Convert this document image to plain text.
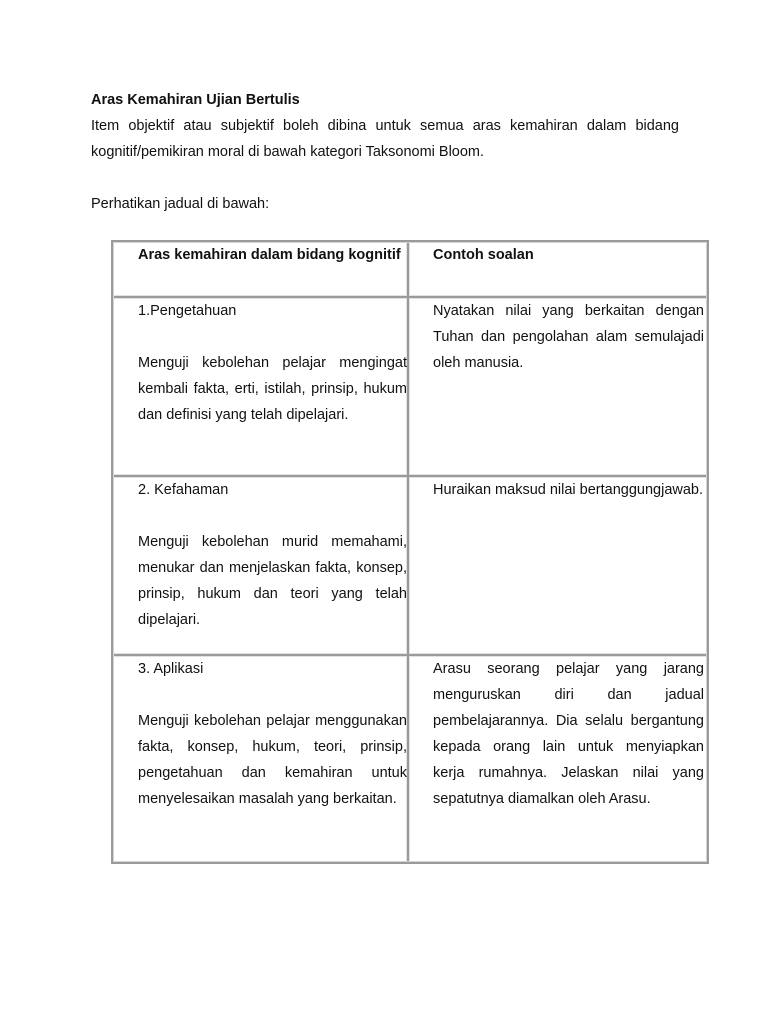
Aras Kemahiran Ujian Bertulis

Item objektif atau subjektif boleh dibina untuk semua aras kemahiran dalam bidang kognitif/pemikiran moral di bawah kategori Taksonomi Bloom.

Perhatikan jadual di bawah:

Aras kemahiran dalam bidang kognitif	Contoh soalan

1.Pengetahuan
Menguji kebolehan pelajar mengingat kembali fakta, erti, istilah, prinsip, hukum dan definisi yang telah dipelajari.	Nyatakan nilai yang berkaitan dengan Tuhan dan pengolahan alam semulajadi oleh manusia.

2. Kefahaman
Menguji kebolehan murid memahami, menukar dan menjelaskan fakta, konsep, prinsip, hukum dan teori yang telah dipelajari.	Huraikan maksud nilai bertanggungjawab.

3. Aplikasi
Menguji kebolehan pelajar menggunakan fakta, konsep, hukum, teori, prinsip, pengetahuan dan kemahiran untuk menyelesaikan masalah yang berkaitan.	Arasu seorang pelajar yang jarang menguruskan diri dan jadual pembelajarannya. Dia selalu bergantung kepada orang lain untuk menyiapkan kerja rumahnya. Jelaskan nilai yang sepatutnya diamalkan oleh Arasu.
